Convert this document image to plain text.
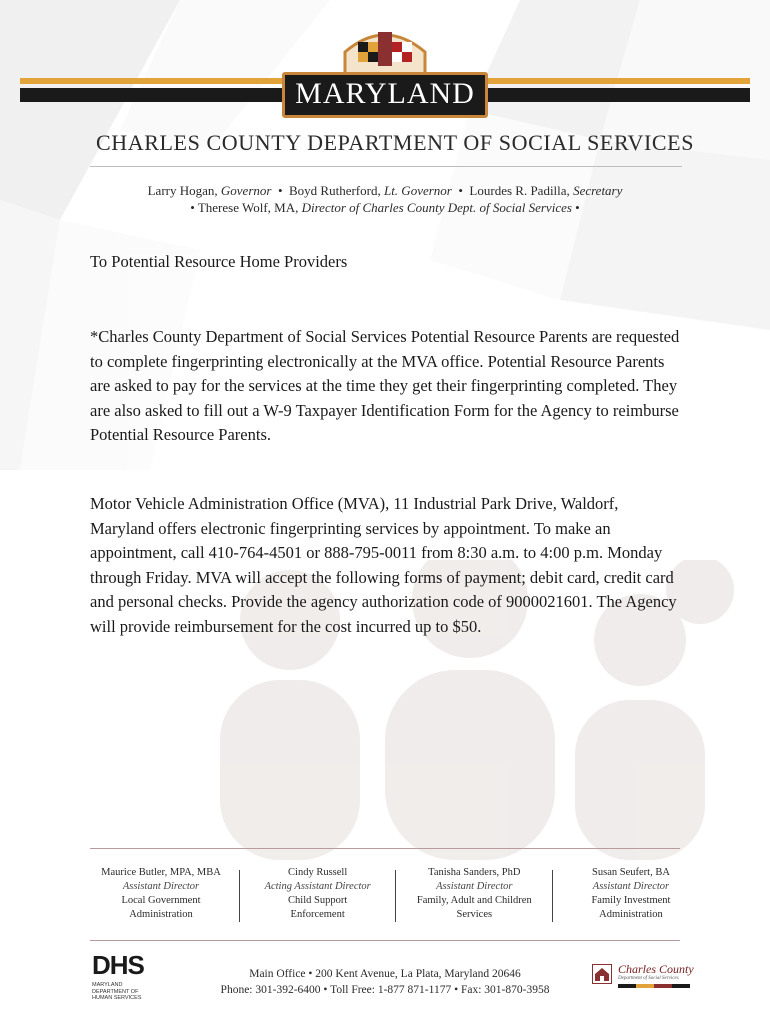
MARYLAND
CHARLES COUNTY DEPARTMENT OF SOCIAL SERVICES
Larry Hogan, Governor • Boyd Rutherford, Lt. Governor • Lourdes R. Padilla, Secretary
• Therese Wolf, MA, Director of Charles County Dept. of Social Services •
To Potential Resource Home Providers

*Charles County Department of Social Services Potential Resource Parents are requested to complete fingerprinting electronically at the MVA office. Potential Resource Parents are asked to pay for the services at the time they get their fingerprinting completed. They are also asked to fill out a W-9 Taxpayer Identification Form for the Agency to reimburse Potential Resource Parents.

Motor Vehicle Administration Office (MVA), 11 Industrial Park Drive, Waldorf, Maryland offers electronic fingerprinting services by appointment. To make an appointment, call 410-764-4501 or 888-795-0011 from 8:30 a.m. to 4:00 p.m. Monday through Friday. MVA will accept the following forms of payment; debit card, credit card and personal checks. Provide the agency authorization code of 9000021601. The Agency will provide reimbursement for the cost incurred up to $50.

Maurice Butler, MPA, MBA
Assistant Director
Local Government
Administration
Cindy Russell
Acting Assistant Director
Child Support
Enforcement
Tanisha Sanders, PhD
Assistant Director
Family, Adult and Children
Services
Susan Seufert, BA
Assistant Director
Family Investment
Administration
DHS
MARYLAND DEPARTMENT OF HUMAN SERVICES
Main Office • 200 Kent Avenue, La Plata, Maryland 20646
Phone: 301-392-6400 • Toll Free: 1-877 871-1177 • Fax: 301-870-3958
Charles County
Department of Social Services
